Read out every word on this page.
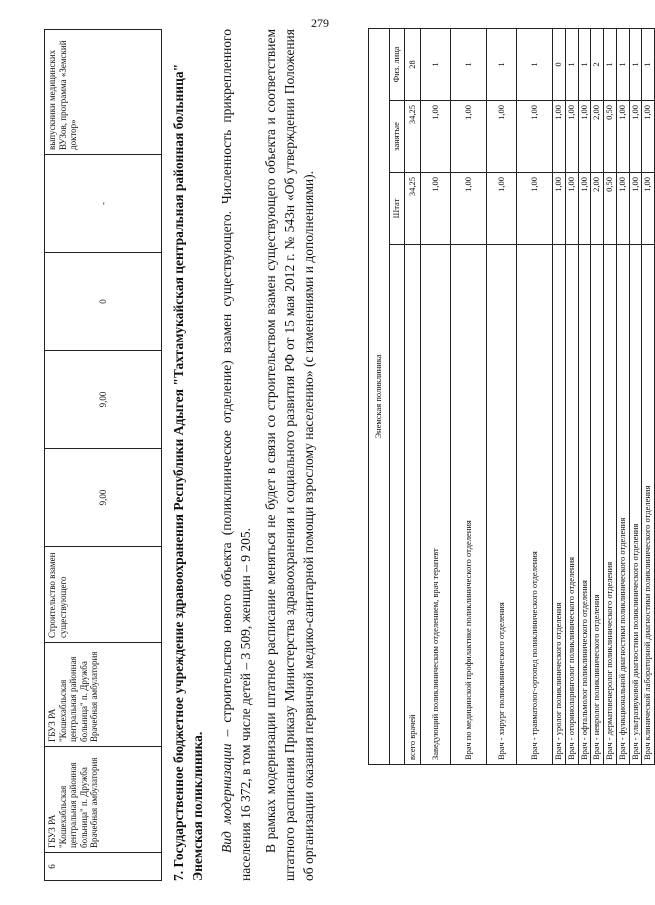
279
6	ГБУЗ РА "Кошехабльская центральная районная больница" п. Дружба Врачебная амбулатория	ГБУЗ РА "Кошехабльская центральная районная больница" п. Дружба Врачебная амбулатория	Строительство взамен существующего	9,00	9,00	0	-	выпускники медицинских ВУЗов, программа «Земский доктор»	7. Государственное бюджетное учреждение здравоохранения Республики Адыгея "Тахтамукайская центральная районная больница" Энемская поликлиника. Вид модернизации – строительство нового объекта (поликлиническое отделение) взамен существующего. Численность прикрепленного населения 16 372, в том числе детей – 3 509, женщин – 9 205. В рамках модернизации штатное расписание меняться не будет в связи со строительством взамен существующего объекта и соответствием штатного расписания Приказу Министерства здравоохранения и социального развития РФ от 15 мая 2012 г. № 543н «Об утверждении Положения об организации оказания первичной медико-санитарной помощи взрослому населению» (с изменениями и дополнениями).	Энемская поликлиника			
	Штат	занятые	Физ. лица
всего врачей	34,25	34,25	28
Заведующий поликлиническим отделением, врач терапевт	1,00	1,00	1
Врач по медицинской профилактике поликлинического отделения	1,00	1,00	1
Врач - хирург поликлинического отделения	1,00	1,00	1
Врач - травматолог-ортопед поликлинического отделения	1,00	1,00	1
Врач - уролог поликлинического отделения	1,00	1,00	0
Врач - оториноларинголог поликлинического отделения	1,00	1,00	1
Врач - офтальмолог поликлинического отделения	1,00	1,00	1
Врач - невролог поликлинического отделения	2,00	2,00	2
Врач - дерматовенеролог поликлинического отделения	0,50	0,50	1
Врач - функциональной диагностики поликлинического отделения	1,00	1,00	1
Врач - ультразвуковой диагностики поликлинического отделения	1,00	1,00	1
Врач клинической лабораторной диагностики поликлинического отделения	1,00	1,00	1
